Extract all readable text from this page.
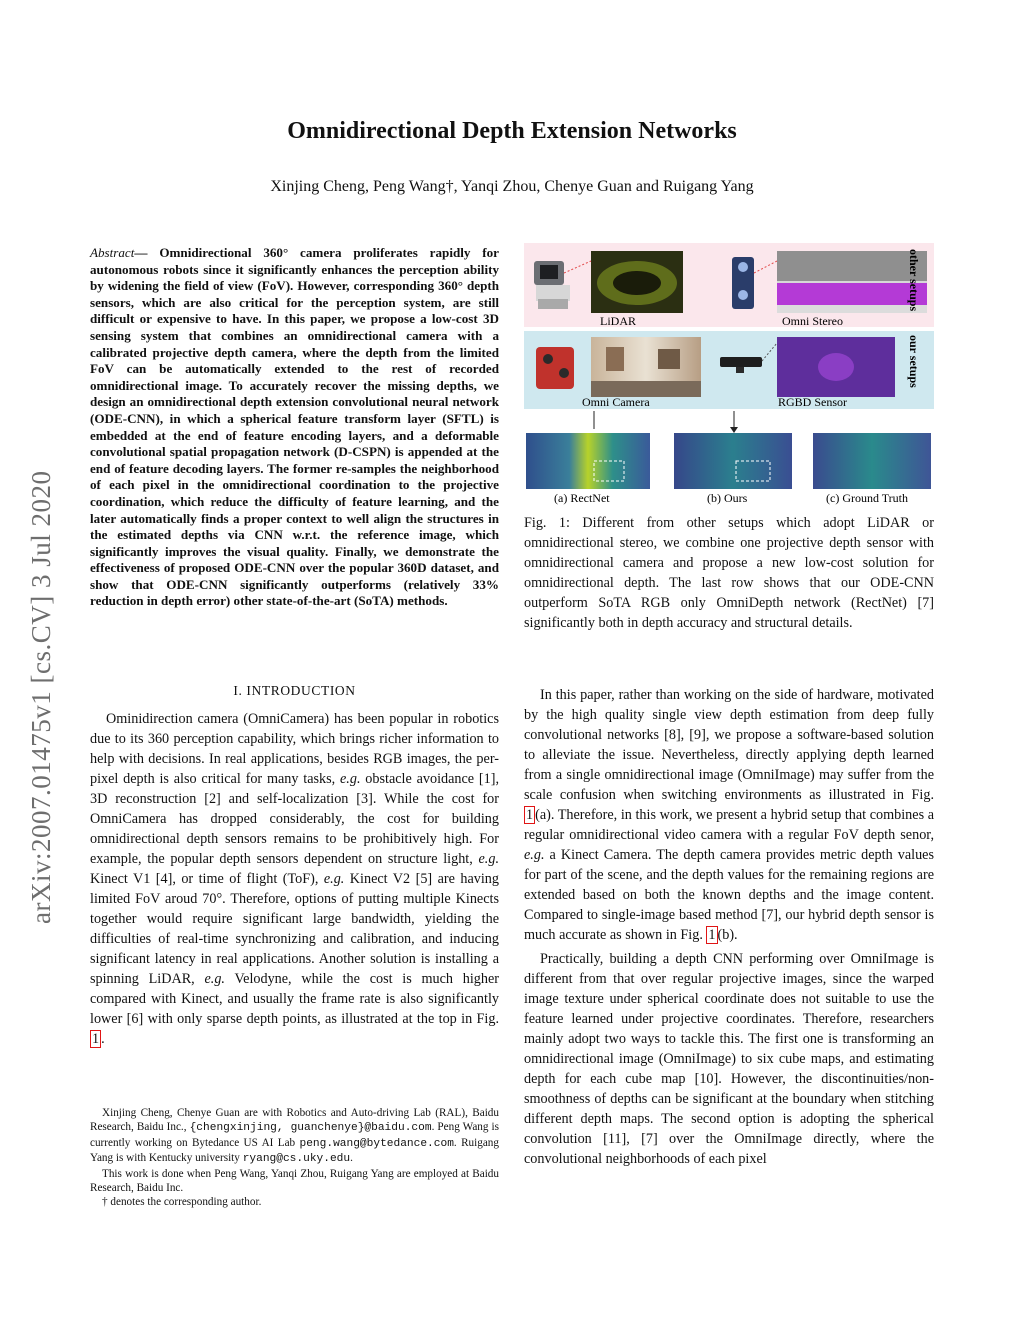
Omnidirectional Depth Extension Networks
Xinjing Cheng, Peng Wang†, Yanqi Zhou, Chenye Guan and Ruigang Yang
arXiv:2007.01475v1 [cs.CV] 3 Jul 2020
Abstract— Omnidirectional 360° camera proliferates rapidly for autonomous robots since it significantly enhances the perception ability by widening the field of view (FoV). However, corresponding 360° depth sensors, which are also critical for the perception system, are still difficult or expensive to have. In this paper, we propose a low-cost 3D sensing system that combines an omnidirectional camera with a calibrated projective depth camera, where the depth from the limited FoV can be automatically extended to the rest of recorded omnidirectional image. To accurately recover the missing depths, we design an omnidirectional depth extension convolutional neural network (ODE-CNN), in which a spherical feature transform layer (SFTL) is embedded at the end of feature encoding layers, and a deformable convolutional spatial propagation network (D-CSPN) is appended at the end of feature decoding layers. The former re-samples the neighborhood of each pixel in the omnidirectional coordination to the projective coordination, which reduce the difficulty of feature learning, and the later automatically finds a proper context to well align the structures in the estimated depths via CNN w.r.t. the reference image, which significantly improves the visual quality. Finally, we demonstrate the effectiveness of proposed ODE-CNN over the popular 360D dataset, and show that ODE-CNN significantly outperforms (relatively 33% reduction in depth error) other state-of-the-art (SoTA) methods.
I. INTRODUCTION

Ominidirection camera (OmniCamera) has been popular in robotics due to its 360 perception capability, which brings richer information to help with decisions. In real applications, besides RGB images, the per-pixel depth is also critical for many tasks, e.g. obstacle avoidance [1], 3D reconstruction [2] and self-localization [3]. While the cost for OmniCamera has dropped considerably, the cost for building omnidirectional depth sensors remains to be prohibitively high. For example, the popular depth sensors dependent on structure light, e.g. Kinect V1 [4], or time of flight (ToF), e.g. Kinect V2 [5] are having limited FoV aroud 70°. Therefore, options of putting multiple Kinects together would require significant large bandwidth, yielding the difficulties of real-time synchronizing and calibration, and inducing significant latency in real applications. Another solution is installing a spinning LiDAR, e.g. Velodyne, while the cost is much higher compared with Kinect, and usually the frame rate is also significantly lower [6] with only sparse depth points, as illustrated at the top in Fig. 1 .

Xinjing Cheng, Chenye Guan are with Robotics and Auto-driving Lab (RAL), Baidu Research, Baidu Inc., {chengxinjing, guanchenye}@baidu.com. Peng Wang is currently working on Bytedance US AI Lab peng.wang@bytedance.com. Ruigang Yang is with Kentucky university ryang@cs.uky.edu.
This work is done when Peng Wang, Yanqi Zhou, Ruigang Yang are employed at Baidu Research, Baidu Inc.
† denotes the corresponding author.
LiDAR	Omni Stereo
other setups
our setups
Omni Camera	RGBD Sensor
(a) RectNet	(b) Ours	(c) Ground Truth
Fig. 1: Different from other setups which adopt LiDAR or omnidirectional stereo, we combine one projective depth sensor with omnidirectional camera and propose a new low-cost solution for omnidirectional depth. The last row shows that our ODE-CNN outperform SoTA RGB only OmniDepth network (RectNet) [7] significantly both in depth accuracy and structural details.

In this paper, rather than working on the side of hardware, motivated by the high quality single view depth estimation from deep fully convolutional networks [8], [9], we propose a software-based solution to alleviate the issue. Nevertheless, directly applying depth learned from a single omnidirectional image (OmniImage) may suffer from the scale confusion when switching environments as illustrated in Fig. 1 (a). Therefore, in this work, we present a hybrid setup that combines a regular omnidirectional video camera with a regular FoV depth senor, e.g. a Kinect Camera. The depth camera provides metric depth values for part of the scene, and the depth values for the remaining regions are extended based on both the known depths and the image content. Compared to single-image based method [7], our hybrid depth sensor is much accurate as shown in Fig. 1 (b).

Practically, building a depth CNN performing over OmniImage is different from that over regular projective images, since the warped image texture under spherical coordinate does not suitable to use the feature learned under projective coordinates. Therefore, researchers mainly adopt two ways to tackle this. The first one is transforming an omnidirectional image (OmniImage) to six cube maps, and estimating depth for each cube map [10]. However, the discontinuities/non-smoothness of depths can be significant at the boundary when stitching different depth maps. The second option is adopting the spherical convolution [11], [7] over the OmniImage directly, where the convolutional neighborhoods of each pixel
